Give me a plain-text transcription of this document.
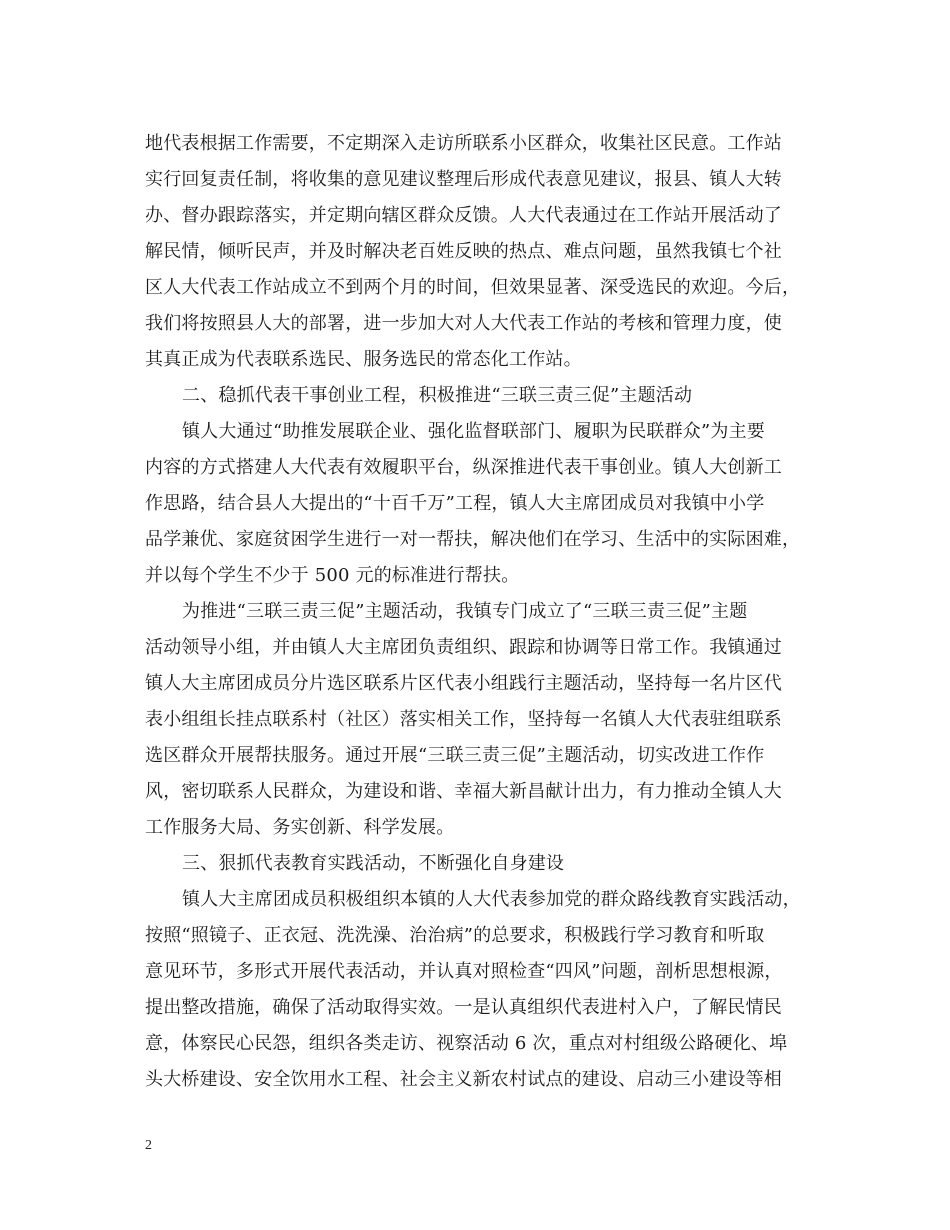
地代表根据工作需要，不定期深入走访所联系小区群众，收集社区民意。工作站
实行回复责任制，将收集的意见建议整理后形成代表意见建议，报县、镇人大转
办、督办跟踪落实，并定期向辖区群众反馈。人大代表通过在工作站开展活动了
解民情，倾听民声，并及时解决老百姓反映的热点、难点问题，虽然我镇七个社
区人大代表工作站成立不到两个月的时间，但效果显著、深受选民的欢迎。今后，
我们将按照县人大的部署，进一步加大对人大代表工作站的考核和管理力度，使
其真正成为代表联系选民、服务选民的常态化工作站。
二、稳抓代表干事创业工程，积极推进“三联三责三促”主题活动
镇人大通过“助推发展联企业、强化监督联部门、履职为民联群众”为主要
内容的方式搭建人大代表有效履职平台，纵深推进代表干事创业。镇人大创新工
作思路，结合县人大提出的“十百千万”工程，镇人大主席团成员对我镇中小学
品学兼优、家庭贫困学生进行一对一帮扶，解决他们在学习、生活中的实际困难，
并以每个学生不少于 500 元的标准进行帮扶。
为推进“三联三责三促”主题活动，我镇专门成立了“三联三责三促”主题
活动领导小组，并由镇人大主席团负责组织、跟踪和协调等日常工作。我镇通过
镇人大主席团成员分片选区联系片区代表小组践行主题活动，坚持每一名片区代
表小组组长挂点联系村（社区）落实相关工作，坚持每一名镇人大代表驻组联系
选区群众开展帮扶服务。通过开展“三联三责三促”主题活动，切实改进工作作
风，密切联系人民群众，为建设和谐、幸福大新昌献计出力，有力推动全镇人大
工作服务大局、务实创新、科学发展。
三、狠抓代表教育实践活动，不断强化自身建设
镇人大主席团成员积极组织本镇的人大代表参加党的群众路线教育实践活动，
按照“照镜子、正衣冠、洗洗澡、治治病”的总要求，积极践行学习教育和听取
意见环节，多形式开展代表活动，并认真对照检查“四风”问题，剖析思想根源，
提出整改措施，确保了活动取得实效。一是认真组织代表进村入户，了解民情民
意，体察民心民怨，组织各类走访、视察活动 6 次，重点对村组级公路硬化、埠
头大桥建设、安全饮用水工程、社会主义新农村试点的建设、启动三小建设等相
2
